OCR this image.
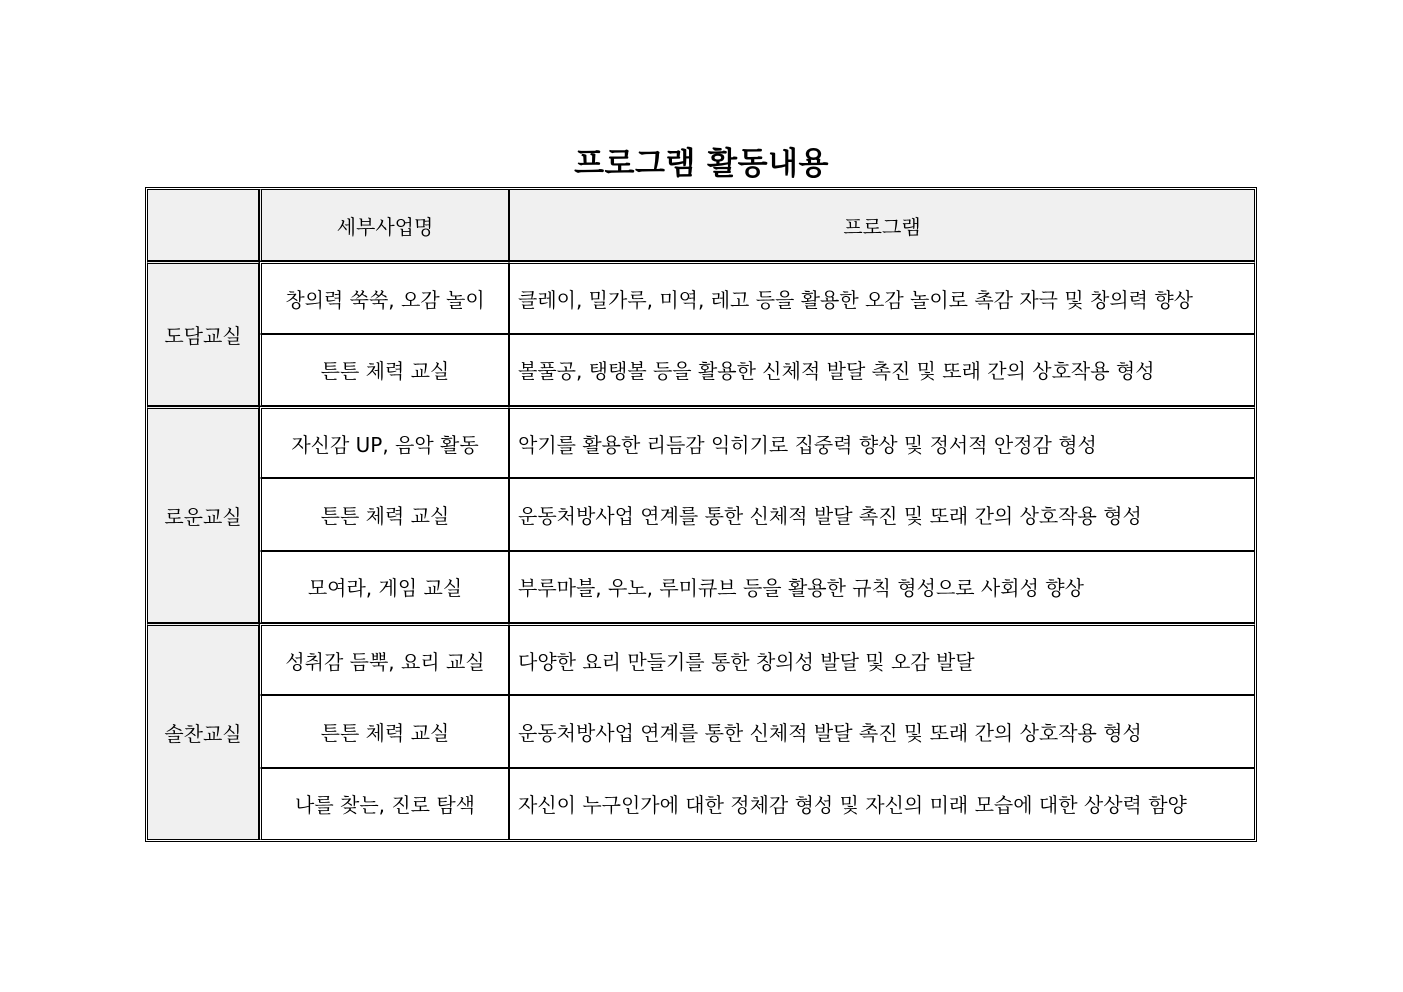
프로그램 활동내용
	세부사업명	프로그램
도담교실	창의력 쑥쑥, 오감 놀이	클레이, 밀가루, 미역, 레고 등을 활용한 오감 놀이로 촉감 자극 및 창의력 향상
	튼튼 체력 교실	볼풀공, 탱탱볼 등을 활용한 신체적 발달 촉진 및 또래 간의 상호작용 형성
로운교실	자신감 UP, 음악 활동	악기를 활용한 리듬감 익히기로 집중력 향상 및 정서적 안정감 형성
	튼튼 체력 교실	운동처방사업 연계를 통한 신체적 발달 촉진 및 또래 간의 상호작용 형성
	모여라, 게임 교실	부루마블, 우노, 루미큐브 등을 활용한 규칙 형성으로 사회성 향상
솔찬교실	성취감 듬뿍, 요리 교실	다양한 요리 만들기를 통한 창의성 발달 및 오감 발달
	튼튼 체력 교실	운동처방사업 연계를 통한 신체적 발달 촉진 및 또래 간의 상호작용 형성
	나를 찾는, 진로 탐색	자신이 누구인가에 대한 정체감 형성 및 자신의 미래 모습에 대한 상상력 함양
